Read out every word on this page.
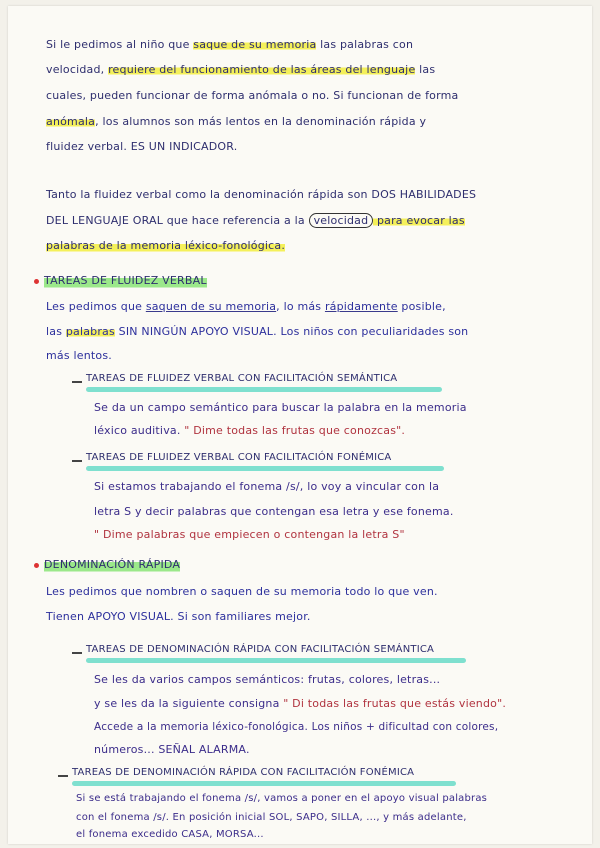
Si le pedimos al niño que saque de su memoria las palabras con
velocidad, requiere del funcionamiento de las áreas del lenguaje las
cuales, pueden funcionar de forma anómala o no. Si funcionan de forma
anómala, los alumnos son más lentos en la denominación rápida y
fluidez verbal. ES UN INDICADOR.
Tanto la fluidez verbal como la denominación rápida son DOS HABILIDADES
DEL LENGUAJE ORAL que hace referencia a la velocidad para evocar las
palabras de la memoria léxico-fonológica.
TAREAS DE FLUIDEZ VERBAL
Les pedimos que saquen de su memoria, lo más rápidamente posible,
las palabras SIN NINGÚN APOYO VISUAL. Los niños con peculiaridades son
más lentos.
TAREAS DE FLUIDEZ VERBAL CON FACILITACIÓN SEMÁNTICA
Se da un campo semántico para buscar la palabra en la memoria
léxico auditiva. " Dime todas las frutas que conozcas".
TAREAS DE FLUIDEZ VERBAL CON FACILITACIÓN FONÉMICA
Si estamos trabajando el fonema /s/, lo voy a vincular con la
letra S y decir palabras que contengan esa letra y ese fonema.
" Dime palabras que empiecen o contengan la letra S"
DENOMINACIÓN RÁPIDA
Les pedimos que nombren o saquen de su memoria todo lo que ven.
Tienen APOYO VISUAL. Si son familiares mejor.
TAREAS DE DENOMINACIÓN RÁPIDA CON FACILITACIÓN SEMÁNTICA
Se les da varios campos semánticos: frutas, colores, letras...
y se les da la siguiente consigna " Di todas las frutas que estás viendo".
Accede a la memoria léxico-fonológica. Los niños + dificultad con colores,
números... SEÑAL ALARMA.
TAREAS DE DENOMINACIÓN RÁPIDA CON FACILITACIÓN FONÉMICA
Si se está trabajando el fonema /s/, vamos a poner en el apoyo visual palabras
con el fonema /s/. En posición inicial SOL, SAPO, SILLA, ..., y más adelante,
el fonema excedido CASA, MORSA...
